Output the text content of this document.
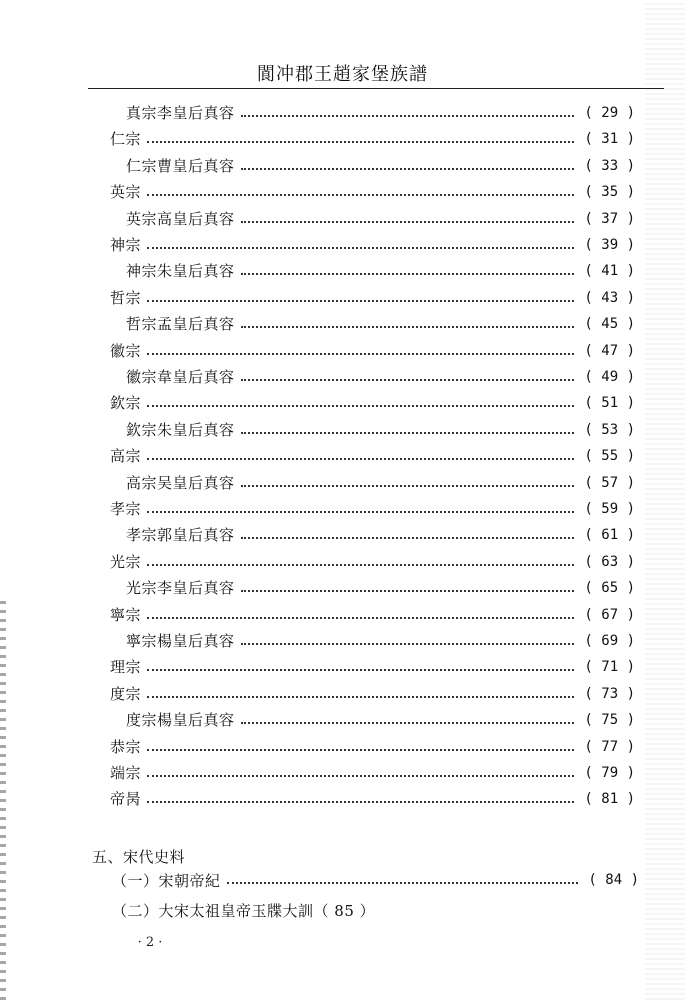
閬冲郡王趙家堡族譜
真宗李皇后真容	( 29 )
仁宗	( 31 )
仁宗曹皇后真容	( 33 )
英宗	( 35 )
英宗高皇后真容	( 37 )
神宗	( 39 )
神宗朱皇后真容	( 41 )
哲宗	( 43 )
哲宗孟皇后真容	( 45 )
徽宗	( 47 )
徽宗韋皇后真容	( 49 )
欽宗	( 51 )
欽宗朱皇后真容	( 53 )
高宗	( 55 )
高宗吴皇后真容	( 57 )
孝宗	( 59 )
孝宗郭皇后真容	( 61 )
光宗	( 63 )
光宗李皇后真容	( 65 )
寧宗	( 67 )
寧宗楊皇后真容	( 69 )
理宗	( 71 )
度宗	( 73 )
度宗楊皇后真容	( 75 )
恭宗	( 77 )
端宗	( 79 )
帝昺	( 81 )
五、宋代史料
（一）宋朝帝紀	( 84 )
（二）大宋太祖皇帝玉牒大訓（ 85 ）
· 2 ·
